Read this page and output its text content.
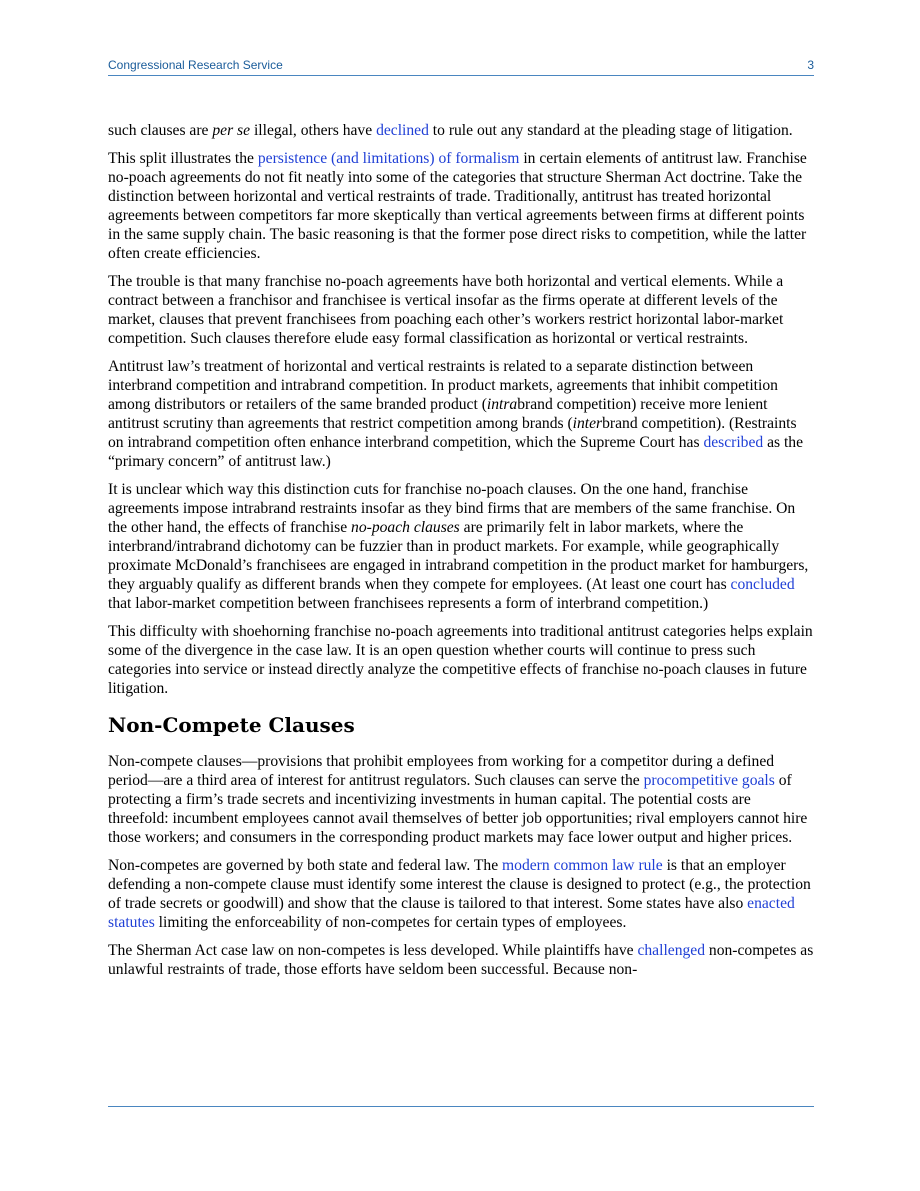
Congressional Research Service	3

such clauses are per se illegal, others have declined to rule out any standard at the pleading stage of litigation.

This split illustrates the persistence (and limitations) of formalism in certain elements of antitrust law. Franchise no-poach agreements do not fit neatly into some of the categories that structure Sherman Act doctrine. Take the distinction between horizontal and vertical restraints of trade. Traditionally, antitrust has treated horizontal agreements between competitors far more skeptically than vertical agreements between firms at different points in the same supply chain. The basic reasoning is that the former pose direct risks to competition, while the latter often create efficiencies.

The trouble is that many franchise no-poach agreements have both horizontal and vertical elements. While a contract between a franchisor and franchisee is vertical insofar as the firms operate at different levels of the market, clauses that prevent franchisees from poaching each other’s workers restrict horizontal labor-market competition. Such clauses therefore elude easy formal classification as horizontal or vertical restraints.

Antitrust law’s treatment of horizontal and vertical restraints is related to a separate distinction between interbrand competition and intrabrand competition. In product markets, agreements that inhibit competition among distributors or retailers of the same branded product (intrabrand competition) receive more lenient antitrust scrutiny than agreements that restrict competition among brands (interbrand competition). (Restraints on intrabrand competition often enhance interbrand competition, which the Supreme Court has described as the “primary concern” of antitrust law.)

It is unclear which way this distinction cuts for franchise no-poach clauses. On the one hand, franchise agreements impose intrabrand restraints insofar as they bind firms that are members of the same franchise. On the other hand, the effects of franchise no-poach clauses are primarily felt in labor markets, where the interbrand/intrabrand dichotomy can be fuzzier than in product markets. For example, while geographically proximate McDonald’s franchisees are engaged in intrabrand competition in the product market for hamburgers, they arguably qualify as different brands when they compete for employees. (At least one court has concluded that labor-market competition between franchisees represents a form of interbrand competition.)

This difficulty with shoehorning franchise no-poach agreements into traditional antitrust categories helps explain some of the divergence in the case law. It is an open question whether courts will continue to press such categories into service or instead directly analyze the competitive effects of franchise no-poach clauses in future litigation.

Non-Compete Clauses

Non-compete clauses—provisions that prohibit employees from working for a competitor during a defined period—are a third area of interest for antitrust regulators. Such clauses can serve the procompetitive goals of protecting a firm’s trade secrets and incentivizing investments in human capital. The potential costs are threefold: incumbent employees cannot avail themselves of better job opportunities; rival employers cannot hire those workers; and consumers in the corresponding product markets may face lower output and higher prices.

Non-competes are governed by both state and federal law. The modern common law rule is that an employer defending a non-compete clause must identify some interest the clause is designed to protect (e.g., the protection of trade secrets or goodwill) and show that the clause is tailored to that interest. Some states have also enacted statutes limiting the enforceability of non-competes for certain types of employees.

The Sherman Act case law on non-competes is less developed. While plaintiffs have challenged non-competes as unlawful restraints of trade, those efforts have seldom been successful. Because non-
